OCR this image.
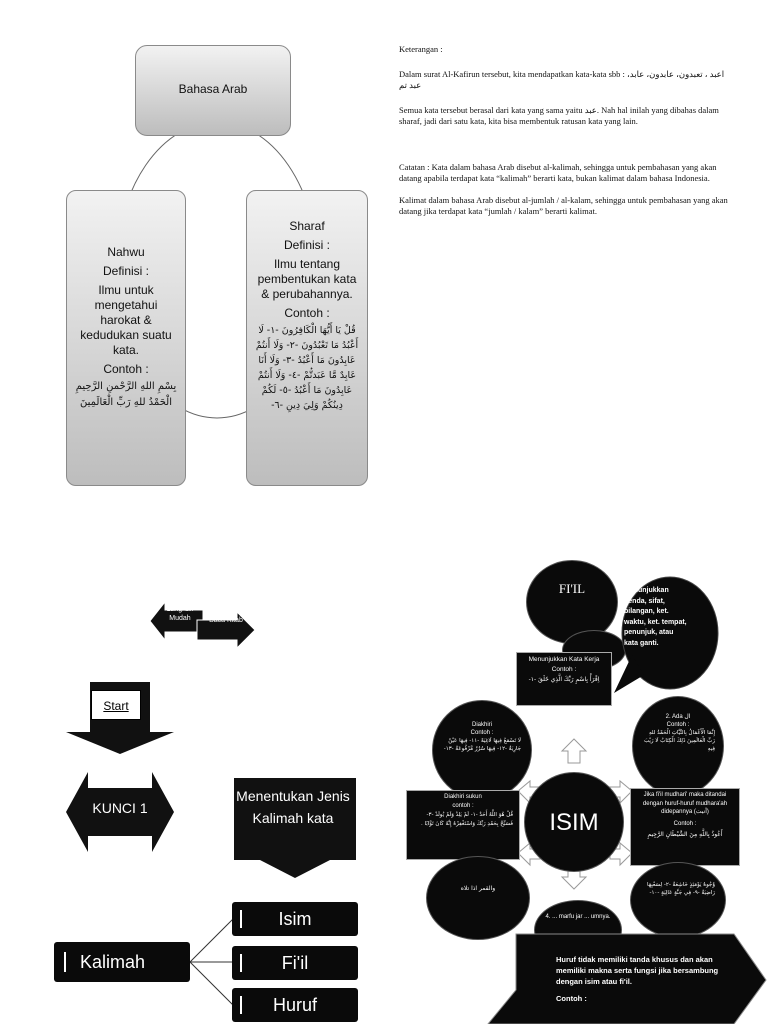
Bahasa Arab
Nahwu
Definisi :
Ilmu untuk mengetahui harokat & kedudukan suatu kata.
Contoh :
بِسْمِ اللهِ الرَّحْمنِ الرَّحِيمِ
الْحَمْدُ للهِ رَبِّ الْعَالَمِينَ
Sharaf
Definisi :
Ilmu tentang pembentukan kata & perubahannya.
Contoh :
قُلْ يَا أَيُّهَا الْكَافِرُونَ -١- لَا أَعْبُدُ مَا تَعْبُدُونَ -٢- وَلَا أَنتُمْ عَابِدُونَ مَا أَعْبُدُ -٣- وَلَا أَنَا عَابِدٌ مَّا عَبَدتُّمْ -٤- وَلَا أَنتُمْ عَابِدُونَ مَا أَعْبُدُ -٥- لَكُمْ دِينُكُمْ وَلِيَ دِينِ -٦-
Keterangan :
Dalam surat Al-Kafirun tersebut, kita mendapatkan kata-kata sbb : اعبد ، تعبدون، عابدون، عابد، عبد تم
Semua kata tersebut berasal dari kata yang sama yaitu عبد. Nah hal inilah yang dibahas dalam sharaf, jadi dari satu kata, kita bisa membentuk ratusan kata yang lain.
Catatan : Kata dalam bahasa Arab disebut al-kalimah, sehingga untuk pembahasan yang akan datang apabila terdapat kata “kalimah” berarti kata, bukan kalimat dalam bahasa Indonesia.
Kalimat dalam bahasa Arab disebut al-jumlah / al-kalam, sehingga untuk pembahasan yang akan datang jika terdapat kata “jumlah / kalam” berarti kalimat.
Langkah Mudah	Baca Kitab
Start
KUNCI 1
Menentukan Jenis Kalimah kata
Kalimah
Isim
Fi'il
Huruf
FI'IL	Menunjukkan benda, sifat, bilangan, ket. waktu, ket. tempat, penunjuk, atau kata ganti.
Menunjukkan Kata Kerja
Contoh :
اِقْرَأْ بِاسْمِ رَبِّكَ الَّذِي خَلَقَ -١-
Diakhiri
Contoh :
لَا تَسْمَعُ فِيهَا لَاغِيَةً -١١- فِيهَا عَيْنٌ جَارِيَةٌ -١٢- فِيهَا سُرُرٌ مَّرْفُوعَةٌ -١٣-
2. Ada ال
Contoh :
إِنَّمَا الْأَعْمَالُ بِالنِّيَّاتِ الْحَمْدُ للهِ رَبِّ الْعَالَمِينَ ذَلِكَ الْكِتَابُ لَا رَيْبَ فِيهِ
Diakhiri sukun
contoh :
قُلْ هُوَ اللَّهُ أَحَدٌ -١- لَمْ يَلِدْ وَلَمْ يُولَدْ -٣- فَسَبِّحْ بِحَمْدِ رَبِّكَ وَاسْتَغْفِرْهُ إِنَّهُ كَانَ تَوَّابًا .	ISIM
Jika fi'il mudhari' maka ditandai dengan huruf-huruf mudhara'ah didepannya (أنيت)
Contoh :
أَعُوذُ بِاللَّهِ مِنَ الشَّيْطَانِ الرَّجِيمِ
والقمر اذا تلاه	وُجُوهٌ يَوْمَئِذٍ خَاشِعَةٌ -٢- لِسَعْيِهَا رَاضِيَةٌ -٩- فِي جَنَّةٍ عَالِيَةٍ -١٠-
4. ... marfu jar ... umnya.
Huruf tidak memiliki tanda khusus dan akan memiliki makna serta fungsi jika bersambung dengan isim atau fi'il.
Contoh :
